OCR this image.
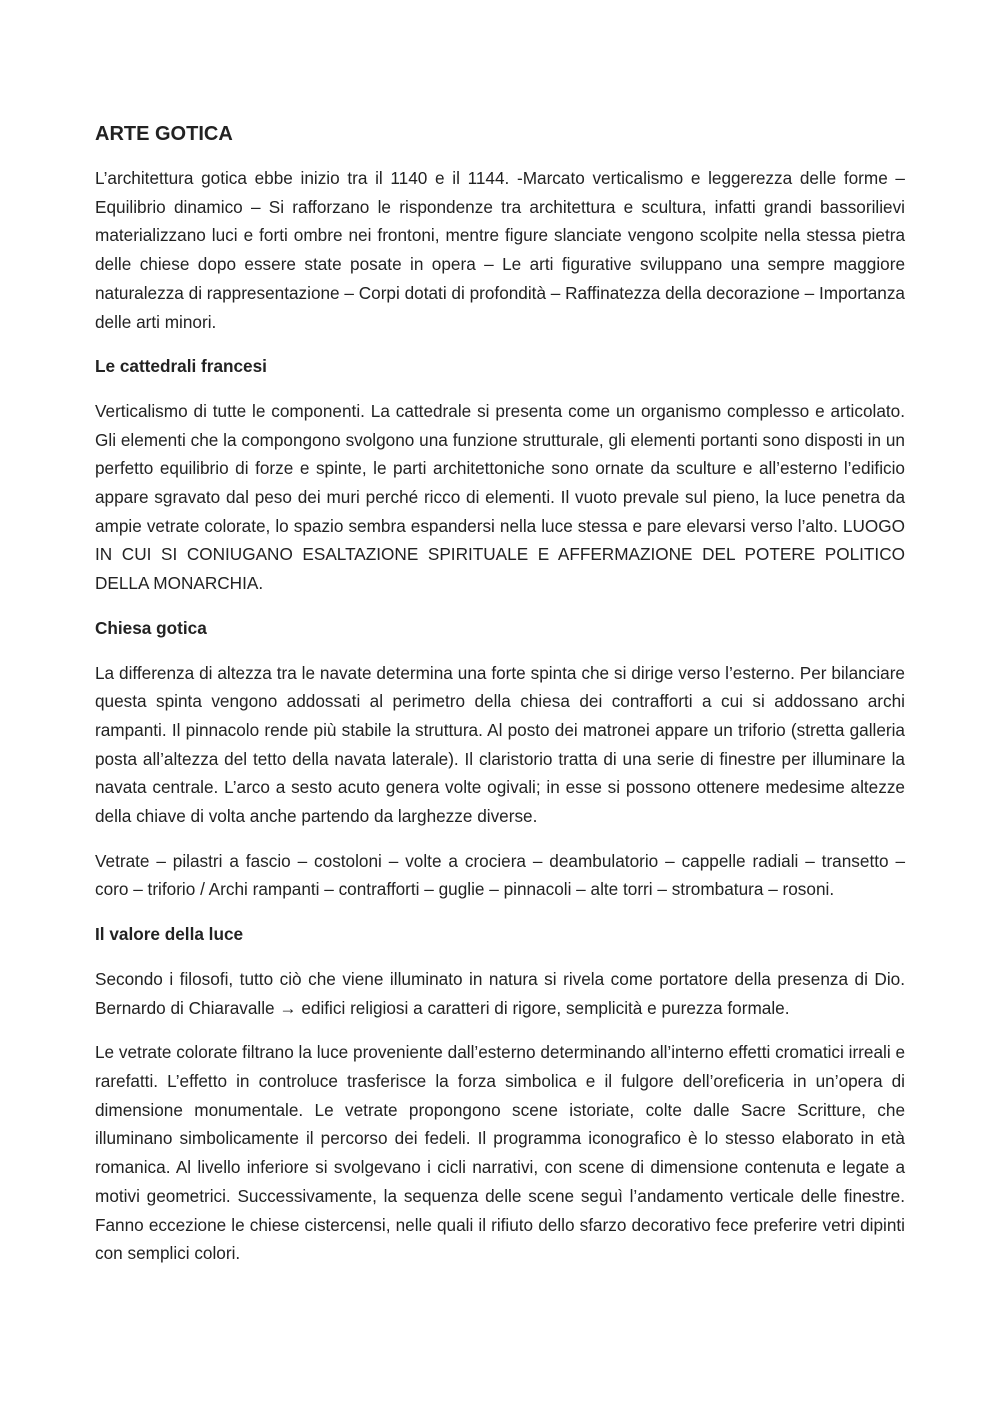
ARTE GOTICA

L’architettura gotica ebbe inizio tra il 1140 e il 1144. -Marcato verticalismo e leggerezza delle forme – Equilibrio dinamico – Si rafforzano le rispondenze tra architettura e scultura, infatti grandi bassorilievi materializzano luci e forti ombre nei frontoni, mentre figure slanciate vengono scolpite nella stessa pietra delle chiese dopo essere state posate in opera – Le arti figurative sviluppano una sempre maggiore naturalezza di rappresentazione – Corpi dotati di profondità – Raffinatezza della decorazione – Importanza delle arti minori.

Le cattedrali francesi

Verticalismo di tutte le componenti. La cattedrale si presenta come un organismo complesso e articolato. Gli elementi che la compongono svolgono una funzione strutturale, gli elementi portanti sono disposti in un perfetto equilibrio di forze e spinte, le parti architettoniche sono ornate da sculture e all’esterno l’edificio appare sgravato dal peso dei muri perché ricco di elementi. Il vuoto prevale sul pieno, la luce penetra da ampie vetrate colorate, lo spazio sembra espandersi nella luce stessa e pare elevarsi verso l’alto. LUOGO IN CUI SI CONIUGANO ESALTAZIONE SPIRITUALE E AFFERMAZIONE DEL POTERE POLITICO DELLA MONARCHIA.

Chiesa gotica

La differenza di altezza tra le navate determina una forte spinta che si dirige verso l’esterno. Per bilanciare questa spinta vengono addossati al perimetro della chiesa dei contrafforti a cui si addossano archi rampanti. Il pinnacolo rende più stabile la struttura. Al posto dei matronei appare un triforio (stretta galleria posta all’altezza del tetto della navata laterale). Il claristorio tratta di una serie di finestre per illuminare la navata centrale. L’arco a sesto acuto genera volte ogivali; in esse si possono ottenere medesime altezze della chiave di volta anche partendo da larghezze diverse.

Vetrate – pilastri a fascio – costoloni – volte a crociera – deambulatorio – cappelle radiali – transetto – coro – triforio / Archi rampanti – contrafforti – guglie – pinnacoli – alte torri – strombatura – rosoni.

Il valore della luce

Secondo i filosofi, tutto ciò che viene illuminato in natura si rivela come portatore della presenza di Dio. Bernardo di Chiaravalle → edifici religiosi a caratteri di rigore, semplicità e purezza formale.

Le vetrate colorate filtrano la luce proveniente dall’esterno determinando all’interno effetti cromatici irreali e rarefatti. L’effetto in controluce trasferisce la forza simbolica e il fulgore dell’oreficeria in un’opera di dimensione monumentale. Le vetrate propongono scene istoriate, colte dalle Sacre Scritture, che illuminano simbolicamente il percorso dei fedeli. Il programma iconografico è lo stesso elaborato in età romanica. Al livello inferiore si svolgevano i cicli narrativi, con scene di dimensione contenuta e legate a motivi geometrici. Successivamente, la sequenza delle scene seguì l’andamento verticale delle finestre. Fanno eccezione le chiese cistercensi, nelle quali il rifiuto dello sfarzo decorativo fece preferire vetri dipinti con semplici colori.
